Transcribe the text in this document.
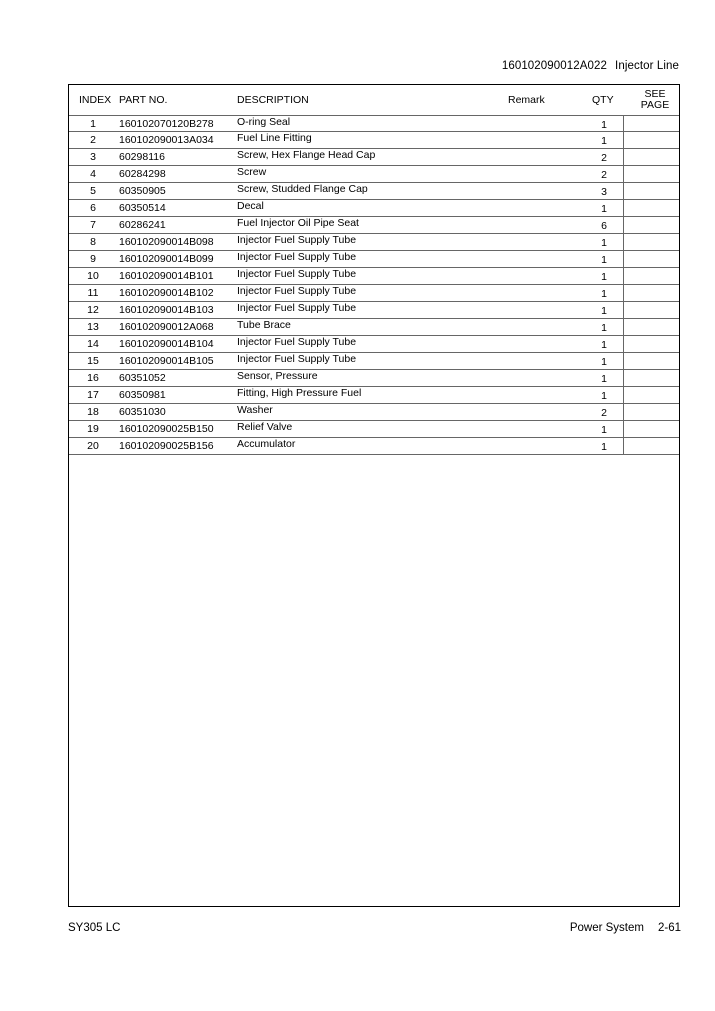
160102090012A022 Injector Line
INDEX PART NO.	DESCRIPTION	Remark	QTY	SEE
PAGE
1	160102070120B278 O-ring Seal	1
2	160102090013A034 Fuel Line Fitting	1
3	60298116	Screw, Hex Flange Head Cap	2
4	60284298	Screw	2
5	60350905	Screw, Studded Flange Cap	3
6	60350514	Decal	1
7	60286241	Fuel Injector Oil Pipe Seat	6
8	160102090014B098 Injector Fuel Supply Tube	1
9	160102090014B099 Injector Fuel Supply Tube	1
10	160102090014B101 Injector Fuel Supply Tube	1
11	160102090014B102 Injector Fuel Supply Tube	1
12	160102090014B103 Injector Fuel Supply Tube	1
13	160102090012A068 Tube Brace	1
14	160102090014B104 Injector Fuel Supply Tube	1
15	160102090014B105 Injector Fuel Supply Tube	1
16	60351052	Sensor, Pressure	1
17	60350981	Fitting, High Pressure Fuel	1
18	60351030	Washer	2
19	160102090025B150 Relief Valve	1
20	160102090025B156 Accumulator	1
SY305 LC	Power System 2-61
